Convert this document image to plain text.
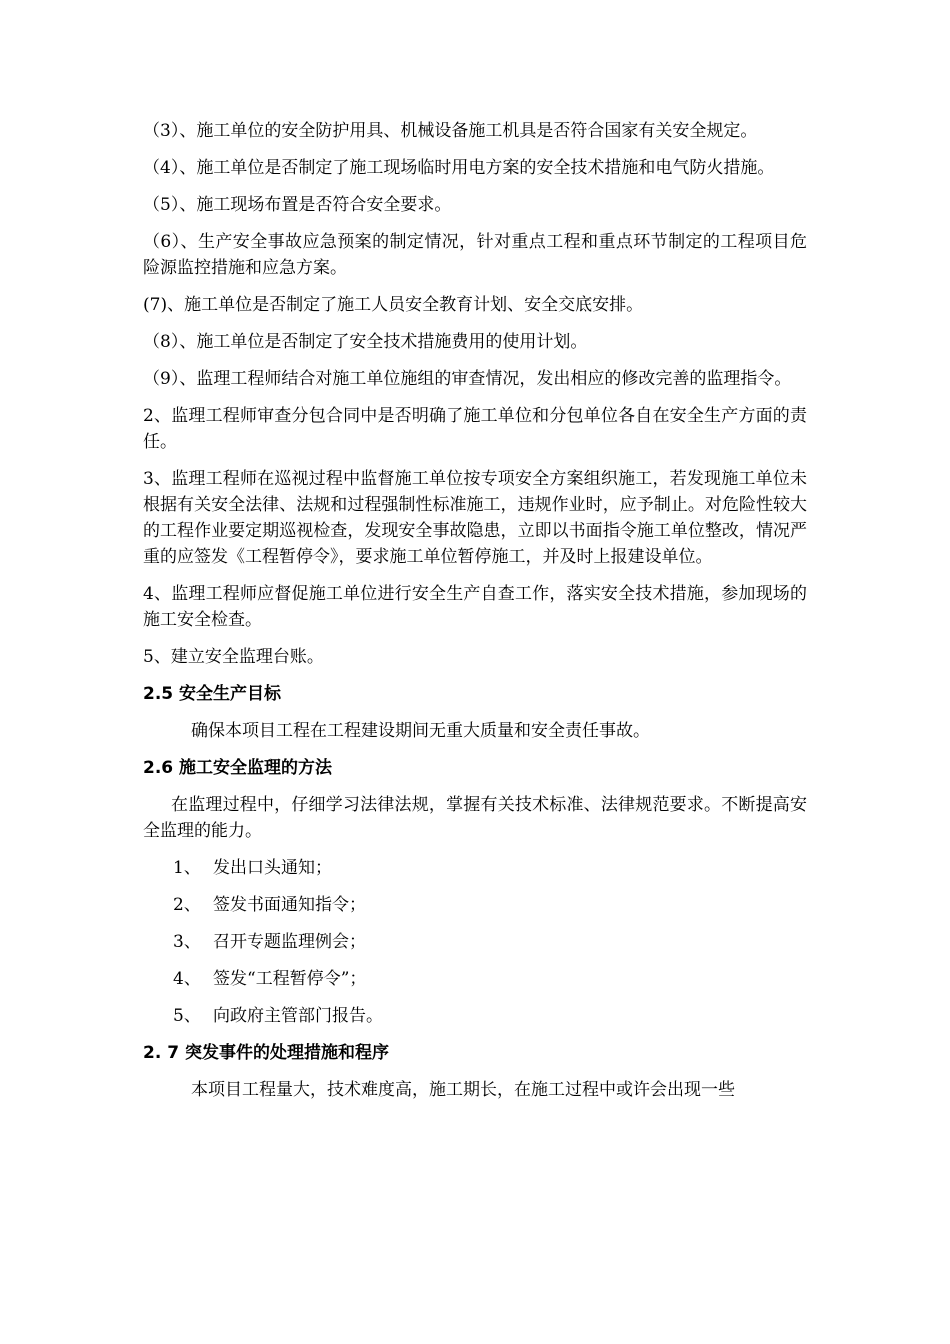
（3）、施工单位的安全防护用具、机械设备施工机具是否符合国家有关安全规定。

（4）、施工单位是否制定了施工现场临时用电方案的安全技术措施和电气防火措施。

（5）、施工现场布置是否符合安全要求。

（6）、生产安全事故应急预案的制定情况，针对重点工程和重点环节制定的工程项目危险源监控措施和应急方案。

(7)、施工单位是否制定了施工人员安全教育计划、安全交底安排。

（8）、施工单位是否制定了安全技术措施费用的使用计划。

（9）、监理工程师结合对施工单位施组的审查情况，发出相应的修改完善的监理指令。

2、监理工程师审查分包合同中是否明确了施工单位和分包单位各自在安全生产方面的责任。

3、监理工程师在巡视过程中监督施工单位按专项安全方案组织施工，若发现施工单位未根据有关安全法律、法规和过程强制性标准施工，违规作业时，应予制止。对危险性较大的工程作业要定期巡视检查，发现安全事故隐患，立即以书面指令施工单位整改，情况严重的应签发《工程暂停令》，要求施工单位暂停施工，并及时上报建设单位。

4、监理工程师应督促施工单位进行安全生产自查工作，落实安全技术措施，参加现场的施工安全检查。

5、建立安全监理台账。

2.5 安全生产目标

确保本项目工程在工程建设期间无重大质量和安全责任事故。

2.6 施工安全监理的方法

在监理过程中，仔细学习法律法规，掌握有关技术标准、法律规范要求。不断提高安全监理的能力。

1、 发出口头通知；
2、 签发书面通知指令；
3、 召开专题监理例会；
4、 签发“工程暂停令”；
5、 向政府主管部门报告。
2. 7 突发事件的处理措施和程序

本项目工程量大，技术难度高，施工期长，在施工过程中或许会出现一些
